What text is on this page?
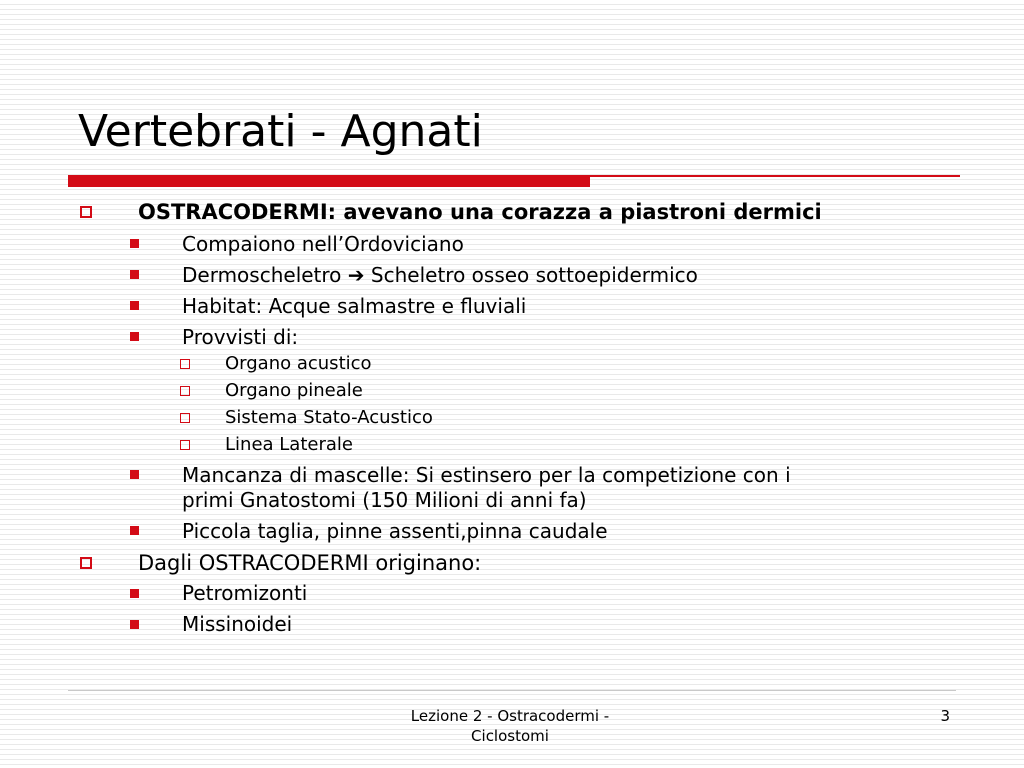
Vertebrati - Agnati
OSTRACODERMI: avevano una corazza a piastroni dermici
Compaiono nell’Ordoviciano
Dermoscheletro ➔ Scheletro osseo sottoepidermico
Habitat: Acque salmastre e fluviali
Provvisti di:
Organo acustico
Organo pineale
Sistema Stato-Acustico
Linea Laterale
Mancanza di mascelle: Si estinsero per la competizione con i
primi Gnatostomi (150 Milioni di anni fa)
Piccola taglia, pinne assenti,pinna caudale
Dagli OSTRACODERMI originano:
Petromizonti
Missinoidei
Lezione 2 - Ostracodermi -
Ciclostomi
3
